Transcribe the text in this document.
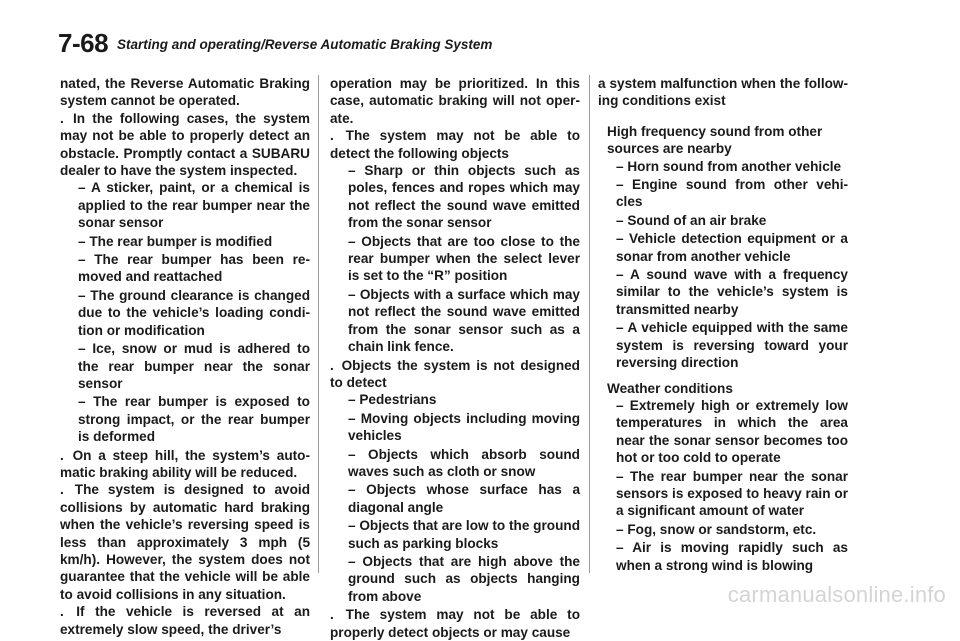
7-68 Starting and operating/Reverse Automatic Braking System

nated, the Reverse Automatic Braking system cannot be operated.

. In the following cases, the system may not be able to properly detect an obstacle. Promptly contact a SUBARU dealer to have the system inspected.

– A sticker, paint, or a chemical is applied to the rear bumper near the sonar sensor
– The rear bumper is modified
– The rear bumper has been re-moved and reattached
– The ground clearance is changed due to the vehicle’s loading condi-tion or modification
– Ice, snow or mud is adhered to the rear bumper near the sonar sensor
– The rear bumper is exposed to strong impact, or the rear bumper is deformed

. On a steep hill, the system’s auto-matic braking ability will be reduced.

. The system is designed to avoid collisions by automatic hard braking when the vehicle’s reversing speed is less than approximately 3 mph (5 km/h). However, the system does not guarantee that the vehicle will be able to avoid collisions in any situation.

. If the vehicle is reversed at an extremely slow speed, the driver’s

operation may be prioritized. In this case, automatic braking will not oper-ate.

. The system may not be able to detect the following objects

– Sharp or thin objects such as poles, fences and ropes which may not reflect the sound wave emitted from the sonar sensor
– Objects that are too close to the rear bumper when the select lever is set to the “R” position
– Objects with a surface which may not reflect the sound wave emitted from the sonar sensor such as a chain link fence.

. Objects the system is not designed to detect

– Pedestrians
– Moving objects including moving vehicles
– Objects which absorb sound waves such as cloth or snow
– Objects whose surface has a diagonal angle
– Objects that are low to the ground such as parking blocks
– Objects that are high above the ground such as objects hanging from above

. The system may not be able to properly detect objects or may cause

a system malfunction when the follow-ing conditions exist

High frequency sound from other sources are nearby
– Horn sound from another vehicle
– Engine sound from other vehi-cles
– Sound of an air brake
– Vehicle detection equipment or a sonar from another vehicle
– A sound wave with a frequency similar to the vehicle’s system is transmitted nearby
– A vehicle equipped with the same system is reversing toward your reversing direction
Weather conditions
– Extremely high or extremely low temperatures in which the area near the sonar sensor becomes too hot or too cold to operate
– The rear bumper near the sonar sensors is exposed to heavy rain or a significant amount of water
– Fog, snow or sandstorm, etc.
– Air is moving rapidly such as when a strong wind is blowing
carmanualsonline.info
